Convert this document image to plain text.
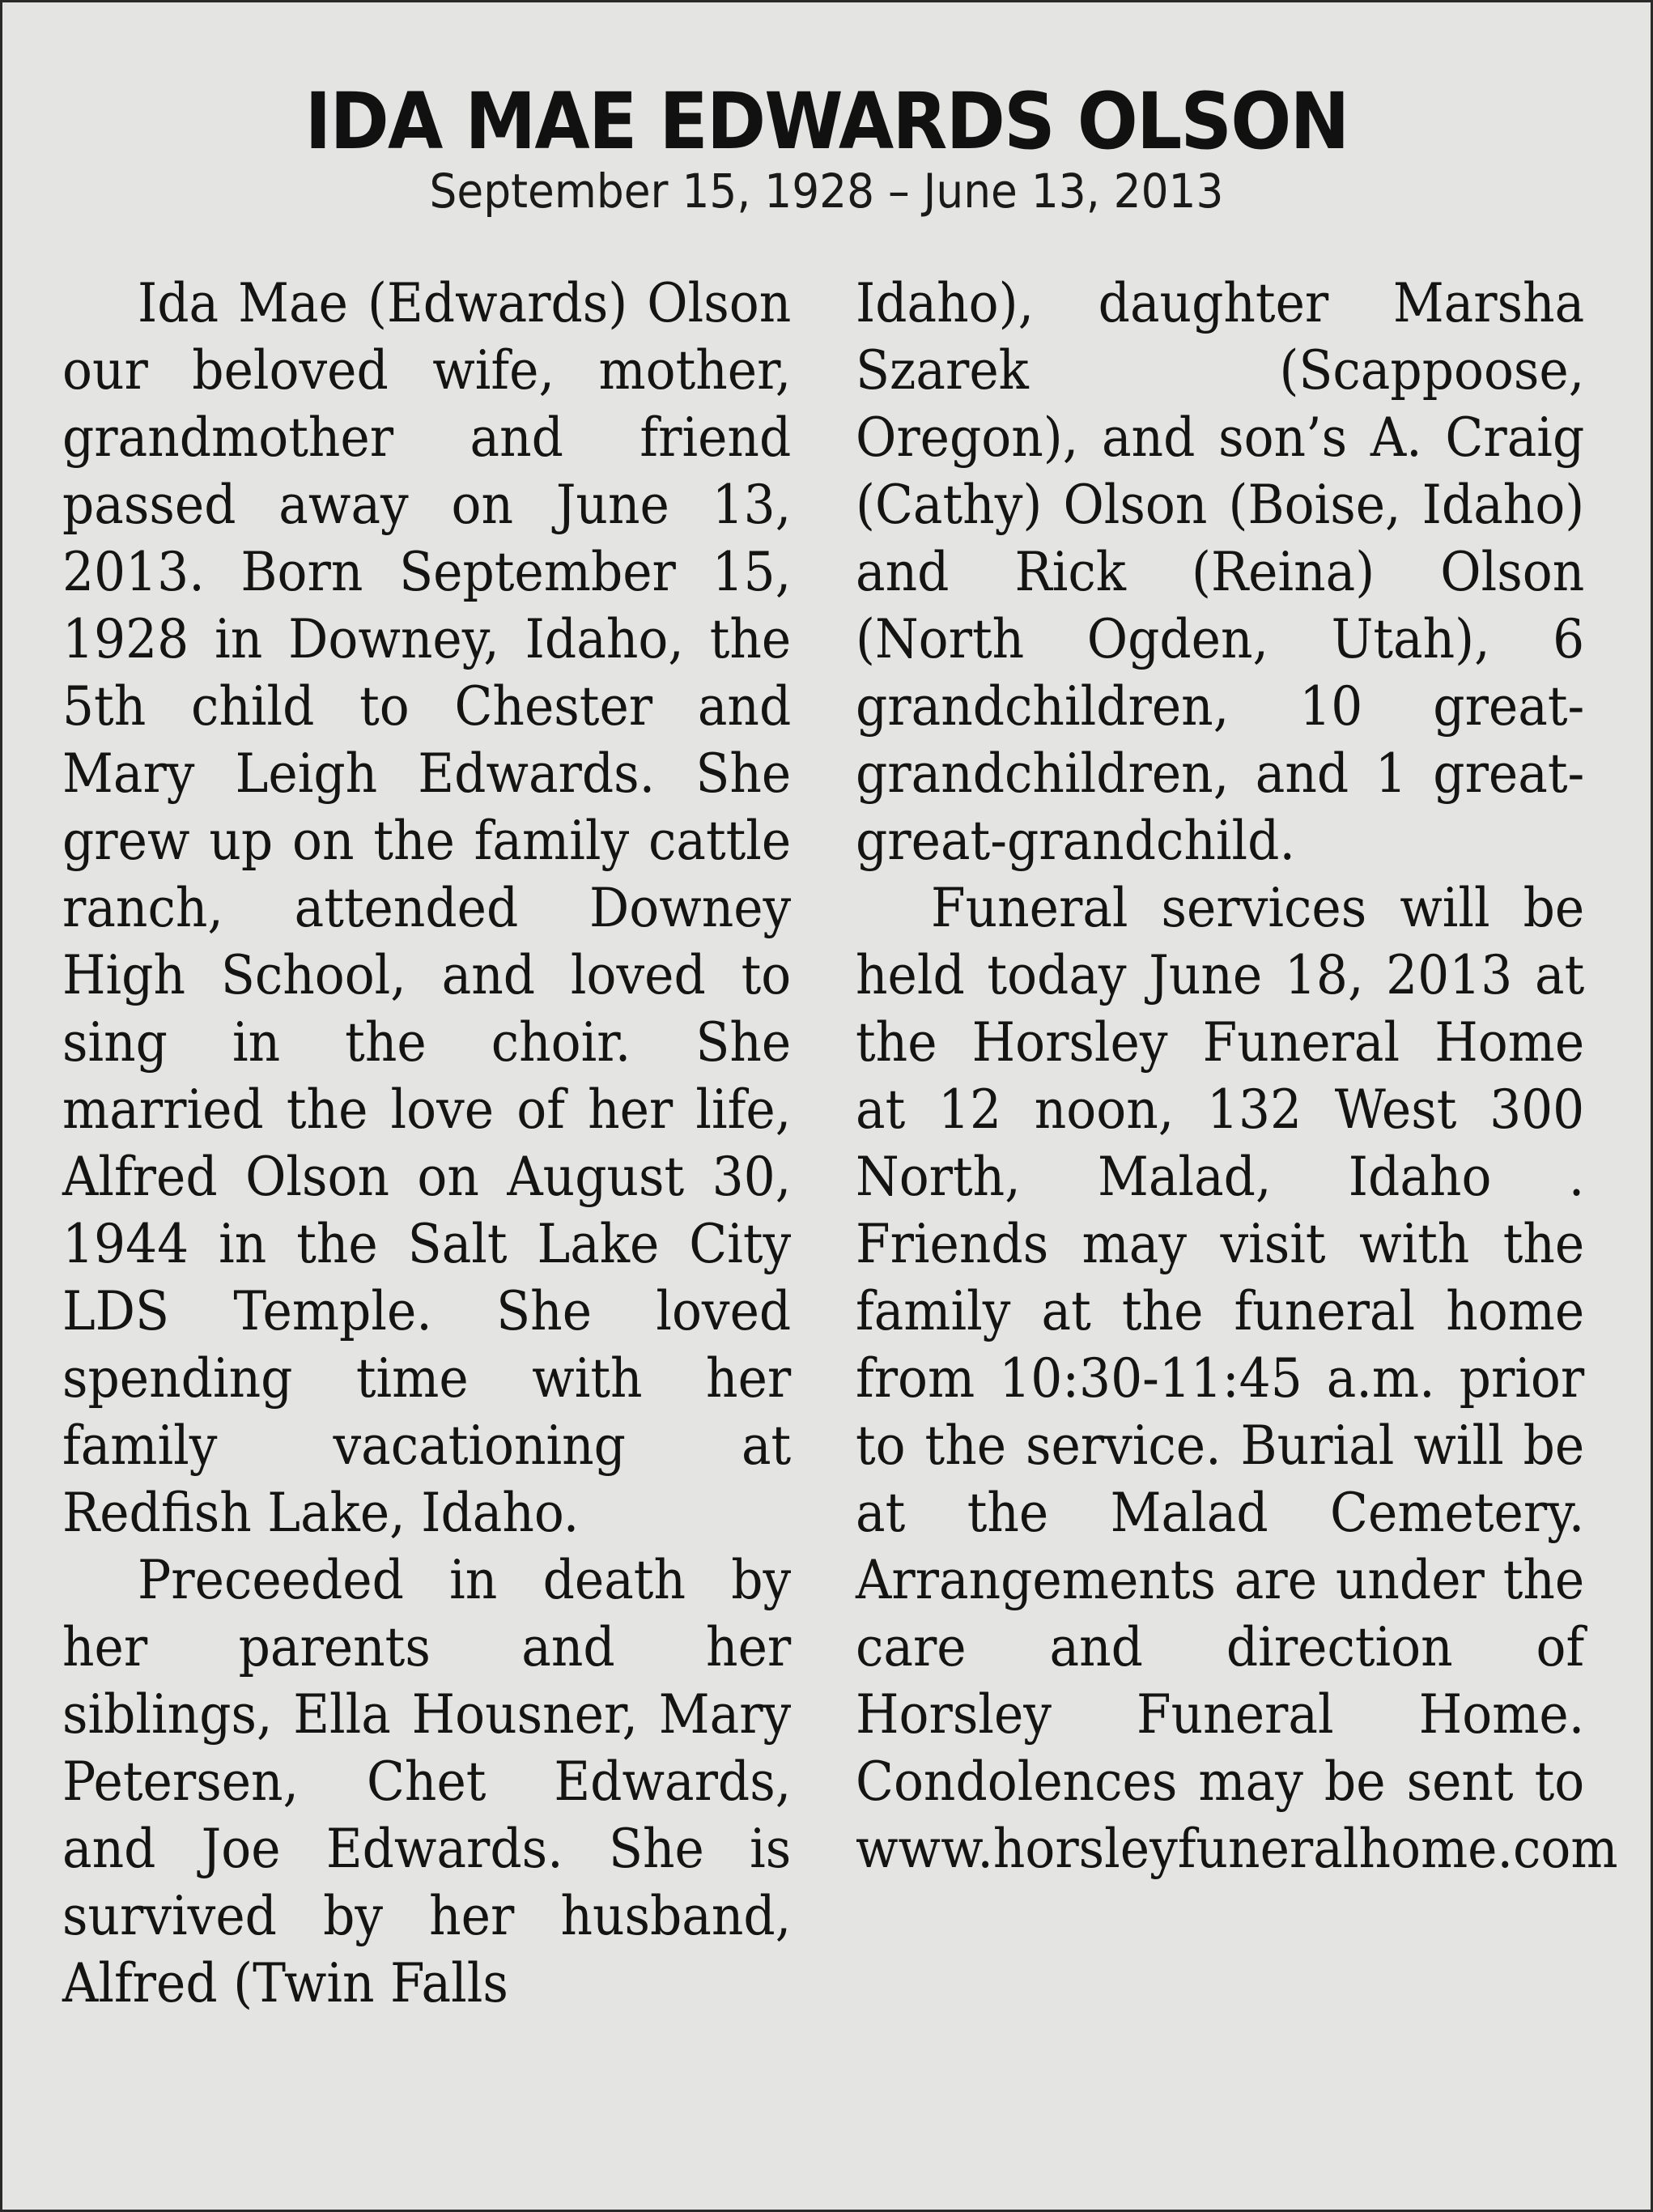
IDA MAE EDWARDS OLSON
September 15, 1928 – June 13, 2013

Ida Mae (Edwards) Olson our beloved wife, mother, grandmother and friend passed away on June 13, 2013. Born September 15, 1928 in Downey, Idaho, the 5th child to Chester and Mary Leigh Edwards. She grew up on the family cattle ranch, attended Downey High School, and loved to sing in the choir. She married the love of her life, Alfred Olson on August 30, 1944 in the Salt Lake City LDS Temple. She loved spending time with her family vacationing at Redfish Lake, Idaho.

Preceeded in death by her parents and her siblings, Ella Housner, Mary Petersen, Chet Edwards, and Joe Edwards. She is survived by her husband, Alfred (Twin Falls

Idaho), daughter Marsha Szarek (Scappoose, Oregon), and son’s A. Craig (Cathy) Olson (Boise, Idaho) and Rick (Reina) Olson (North Ogden, Utah), 6 grandchildren, 10 great-grandchildren, and 1 great-great-grandchild.

Funeral services will be held today June 18, 2013 at the Horsley Funeral Home at 12 noon, 132 West 300 North, Malad, Idaho . Friends may visit with the family at the funeral home from 10:30-11:45 a.m. prior to the service. Burial will be at the Malad Cemetery. Arrangements are under the care and direction of Horsley Funeral Home. Condolences may be sent to www.horsleyfuneralhome.com
